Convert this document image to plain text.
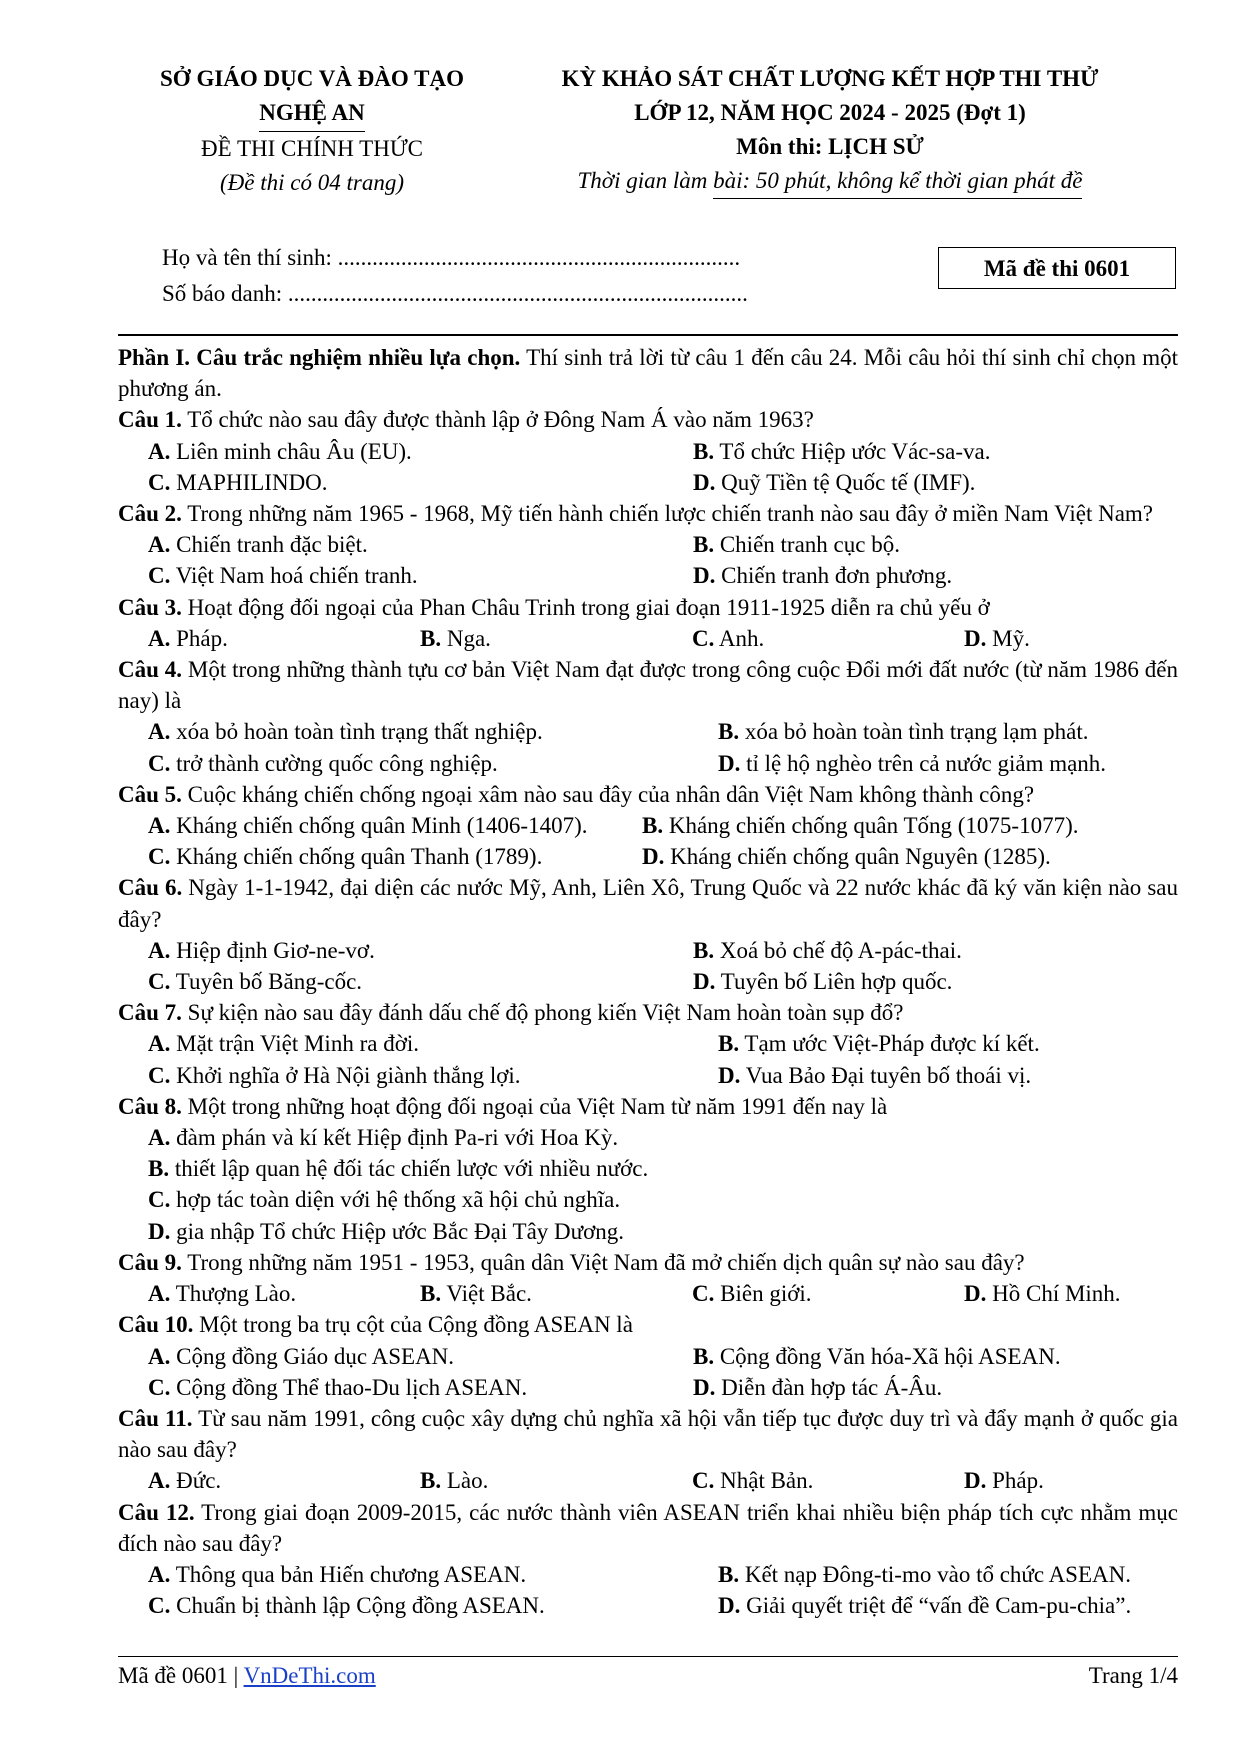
SỞ GIÁO DỤC VÀ ĐÀO TẠO
NGHỆ AN
ĐỀ THI CHÍNH THỨC
(Đề thi có 04 trang)
KỲ KHẢO SÁT CHẤT LƯỢNG KẾT HỢP THI THỬ
LỚP 12, NĂM HỌC 2024 - 2025 (Đợt 1)
Môn thi: LỊCH SỬ
Thời gian làm bài: 50 phút, không kể thời gian phát đề
Họ và tên thí sinh: ......................................................................
Số báo danh: ................................................................................
Mã đề thi 0601
Phần I. Câu trắc nghiệm nhiều lựa chọn. Thí sinh trả lời từ câu 1 đến câu 24. Mỗi câu hỏi thí sinh chỉ chọn một phương án.
Câu 1. Tổ chức nào sau đây được thành lập ở Đông Nam Á vào năm 1963?
A. Liên minh châu Âu (EU).	B. Tổ chức Hiệp ước Vác-sa-va.
C. MAPHILINDO.	D. Quỹ Tiền tệ Quốc tế (IMF).
Câu 2. Trong những năm 1965 - 1968, Mỹ tiến hành chiến lược chiến tranh nào sau đây ở miền Nam Việt Nam?
A. Chiến tranh đặc biệt.	B. Chiến tranh cục bộ.
C. Việt Nam hoá chiến tranh.	D. Chiến tranh đơn phương.
Câu 3. Hoạt động đối ngoại của Phan Châu Trinh trong giai đoạn 1911-1925 diễn ra chủ yếu ở
A. Pháp.	B. Nga.	C. Anh.	D. Mỹ.
Câu 4. Một trong những thành tựu cơ bản Việt Nam đạt được trong công cuộc Đổi mới đất nước (từ năm 1986 đến nay) là
A. xóa bỏ hoàn toàn tình trạng thất nghiệp.	B. xóa bỏ hoàn toàn tình trạng lạm phát.
C. trở thành cường quốc công nghiệp.	D. tỉ lệ hộ nghèo trên cả nước giảm mạnh.
Câu 5. Cuộc kháng chiến chống ngoại xâm nào sau đây của nhân dân Việt Nam không thành công?
A. Kháng chiến chống quân Minh (1406-1407).	B. Kháng chiến chống quân Tống (1075-1077).
C. Kháng chiến chống quân Thanh (1789).	D. Kháng chiến chống quân Nguyên (1285).
Câu 6. Ngày 1-1-1942, đại diện các nước Mỹ, Anh, Liên Xô, Trung Quốc và 22 nước khác đã ký văn kiện nào sau đây?
A. Hiệp định Giơ-ne-vơ.	B. Xoá bỏ chế độ A-pác-thai.
C. Tuyên bố Băng-cốc.	D. Tuyên bố Liên hợp quốc.
Câu 7. Sự kiện nào sau đây đánh dấu chế độ phong kiến Việt Nam hoàn toàn sụp đổ?
A. Mặt trận Việt Minh ra đời.	B. Tạm ước Việt-Pháp được kí kết.
C. Khởi nghĩa ở Hà Nội giành thắng lợi.	D. Vua Bảo Đại tuyên bố thoái vị.
Câu 8. Một trong những hoạt động đối ngoại của Việt Nam từ năm 1991 đến nay là
A. đàm phán và kí kết Hiệp định Pa-ri với Hoa Kỳ.
B. thiết lập quan hệ đối tác chiến lược với nhiều nước.
C. hợp tác toàn diện với hệ thống xã hội chủ nghĩa.
D. gia nhập Tổ chức Hiệp ước Bắc Đại Tây Dương.
Câu 9. Trong những năm 1951 - 1953, quân dân Việt Nam đã mở chiến dịch quân sự nào sau đây?
A. Thượng Lào.	B. Việt Bắc.	C. Biên giới.	D. Hồ Chí Minh.
Câu 10. Một trong ba trụ cột của Cộng đồng ASEAN là
A. Cộng đồng Giáo dục ASEAN.	B. Cộng đồng Văn hóa-Xã hội ASEAN.
C. Cộng đồng Thể thao-Du lịch ASEAN.	D. Diễn đàn hợp tác Á-Âu.
Câu 11. Từ sau năm 1991, công cuộc xây dựng chủ nghĩa xã hội vẫn tiếp tục được duy trì và đẩy mạnh ở quốc gia nào sau đây?
A. Đức.	B. Lào.	C. Nhật Bản.	D. Pháp.
Câu 12. Trong giai đoạn 2009-2015, các nước thành viên ASEAN triển khai nhiều biện pháp tích cực nhằm mục đích nào sau đây?
A. Thông qua bản Hiến chương ASEAN.	B. Kết nạp Đông-ti-mo vào tổ chức ASEAN.
C. Chuẩn bị thành lập Cộng đồng ASEAN.	D. Giải quyết triệt để “vấn đề Cam-pu-chia”.
Mã đề 0601 | VnDeThi.com	Trang 1/4
